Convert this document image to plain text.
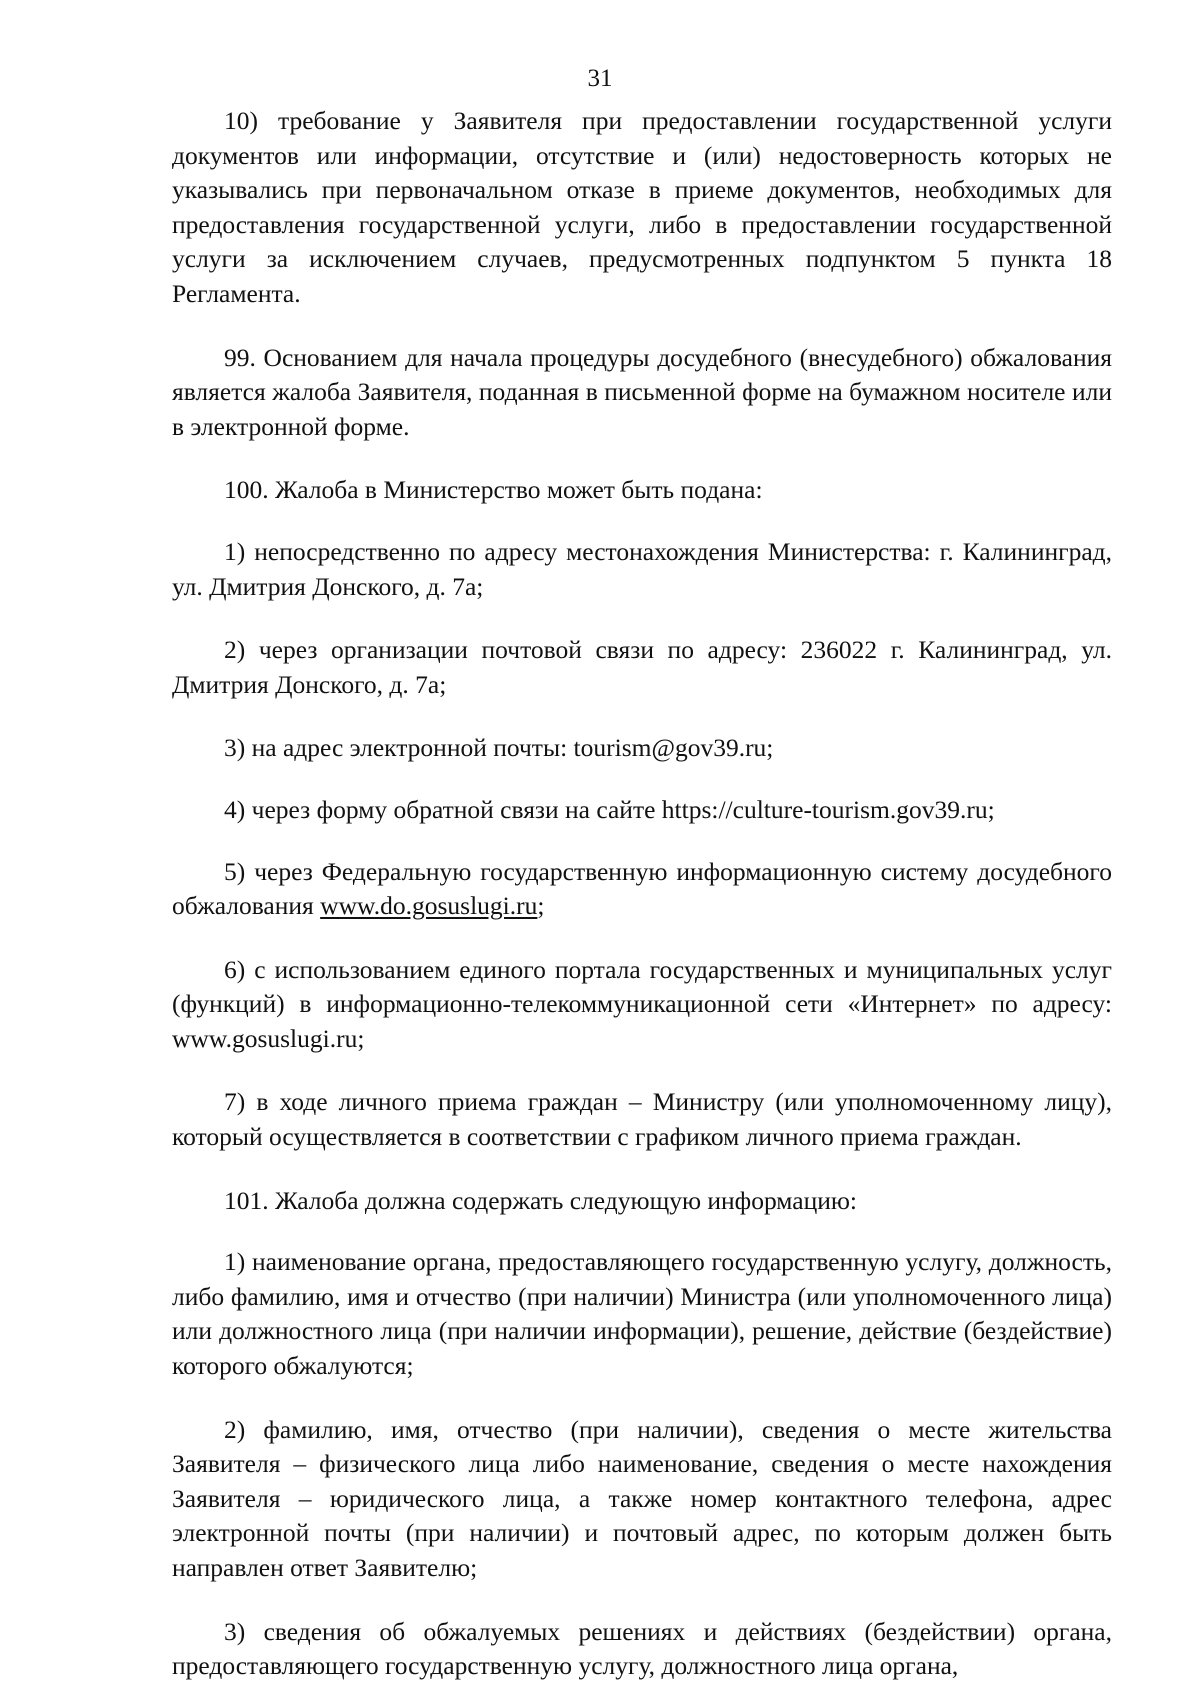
31

10) требование у Заявителя при предоставлении государственной услуги документов или информации, отсутствие и (или) недостоверность которых не указывались при первоначальном отказе в приеме документов, необходимых для предоставления государственной услуги, либо в предоставлении государственной услуги за исключением случаев, предусмотренных подпунктом 5 пункта 18 Регламента.

99. Основанием для начала процедуры досудебного (внесудебного) обжалования является жалоба Заявителя, поданная в письменной форме на бумажном носителе или в электронной форме.

100. Жалоба в Министерство может быть подана:

1) непосредственно по адресу местонахождения Министерства: г. Калининград, ул. Дмитрия Донского, д. 7а;

2) через организации почтовой связи по адресу: 236022 г. Калининград, ул. Дмитрия Донского, д. 7а;

3) на адрес электронной почты: tourism@gov39.ru;

4) через форму обратной связи на сайте https://culture-tourism.gov39.ru;

5) через Федеральную государственную информационную систему досудебного обжалования www.do.gosuslugi.ru;

6) с использованием единого портала государственных и муниципальных услуг (функций) в информационно-телекоммуникационной сети «Интернет» по адресу: www.gosuslugi.ru;

7) в ходе личного приема граждан – Министру (или уполномоченному лицу), который осуществляется в соответствии с графиком личного приема граждан.

101. Жалоба должна содержать следующую информацию:

1) наименование органа, предоставляющего государственную услугу, должность, либо фамилию, имя и отчество (при наличии) Министра (или уполномоченного лица) или должностного лица (при наличии информации), решение, действие (бездействие) которого обжалуются;

2) фамилию, имя, отчество (при наличии), сведения о месте жительства Заявителя – физического лица либо наименование, сведения о месте нахождения Заявителя – юридического лица, а также номер контактного телефона, адрес электронной почты (при наличии) и почтовый адрес, по которым должен быть направлен ответ Заявителю;

3) сведения об обжалуемых решениях и действиях (бездействии) органа, предоставляющего государственную услугу, должностного лица органа,
